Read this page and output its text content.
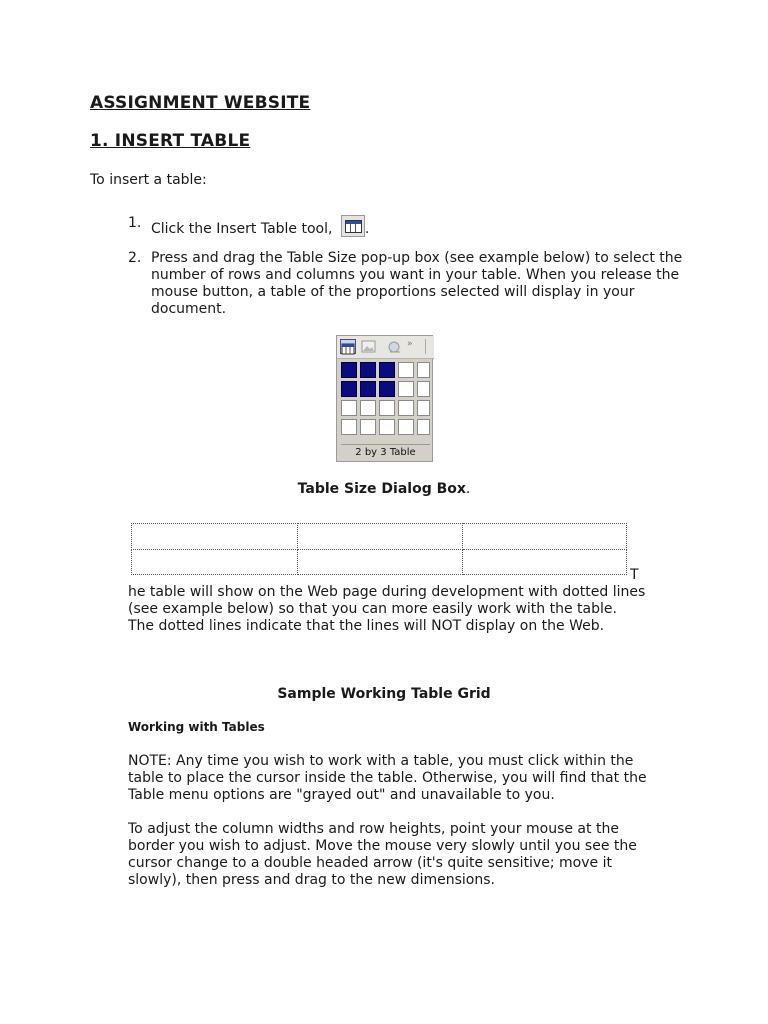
ASSIGNMENT WEBSITE
1. INSERT TABLE
To insert a table:
1. Click the Insert Table tool, .
2. Press and drag the Table Size pop-up box (see example below) to select the
number of rows and columns you want in your table. When you release the
mouse button, a table of the proportions selected will display in your
document.
»
2 by 3 Table
Table Size Dialog Box.

T
he table will show on the Web page during development with dotted lines
(see example below) so that you can more easily work with the table.
The dotted lines indicate that the lines will NOT display on the Web.
Sample Working Table Grid
Working with Tables
NOTE: Any time you wish to work with a table, you must click within the
table to place the cursor inside the table. Otherwise, you will find that the
Table menu options are "grayed out" and unavailable to you.
To adjust the column widths and row heights, point your mouse at the
border you wish to adjust. Move the mouse very slowly until you see the
cursor change to a double headed arrow (it's quite sensitive; move it
slowly), then press and drag to the new dimensions.
